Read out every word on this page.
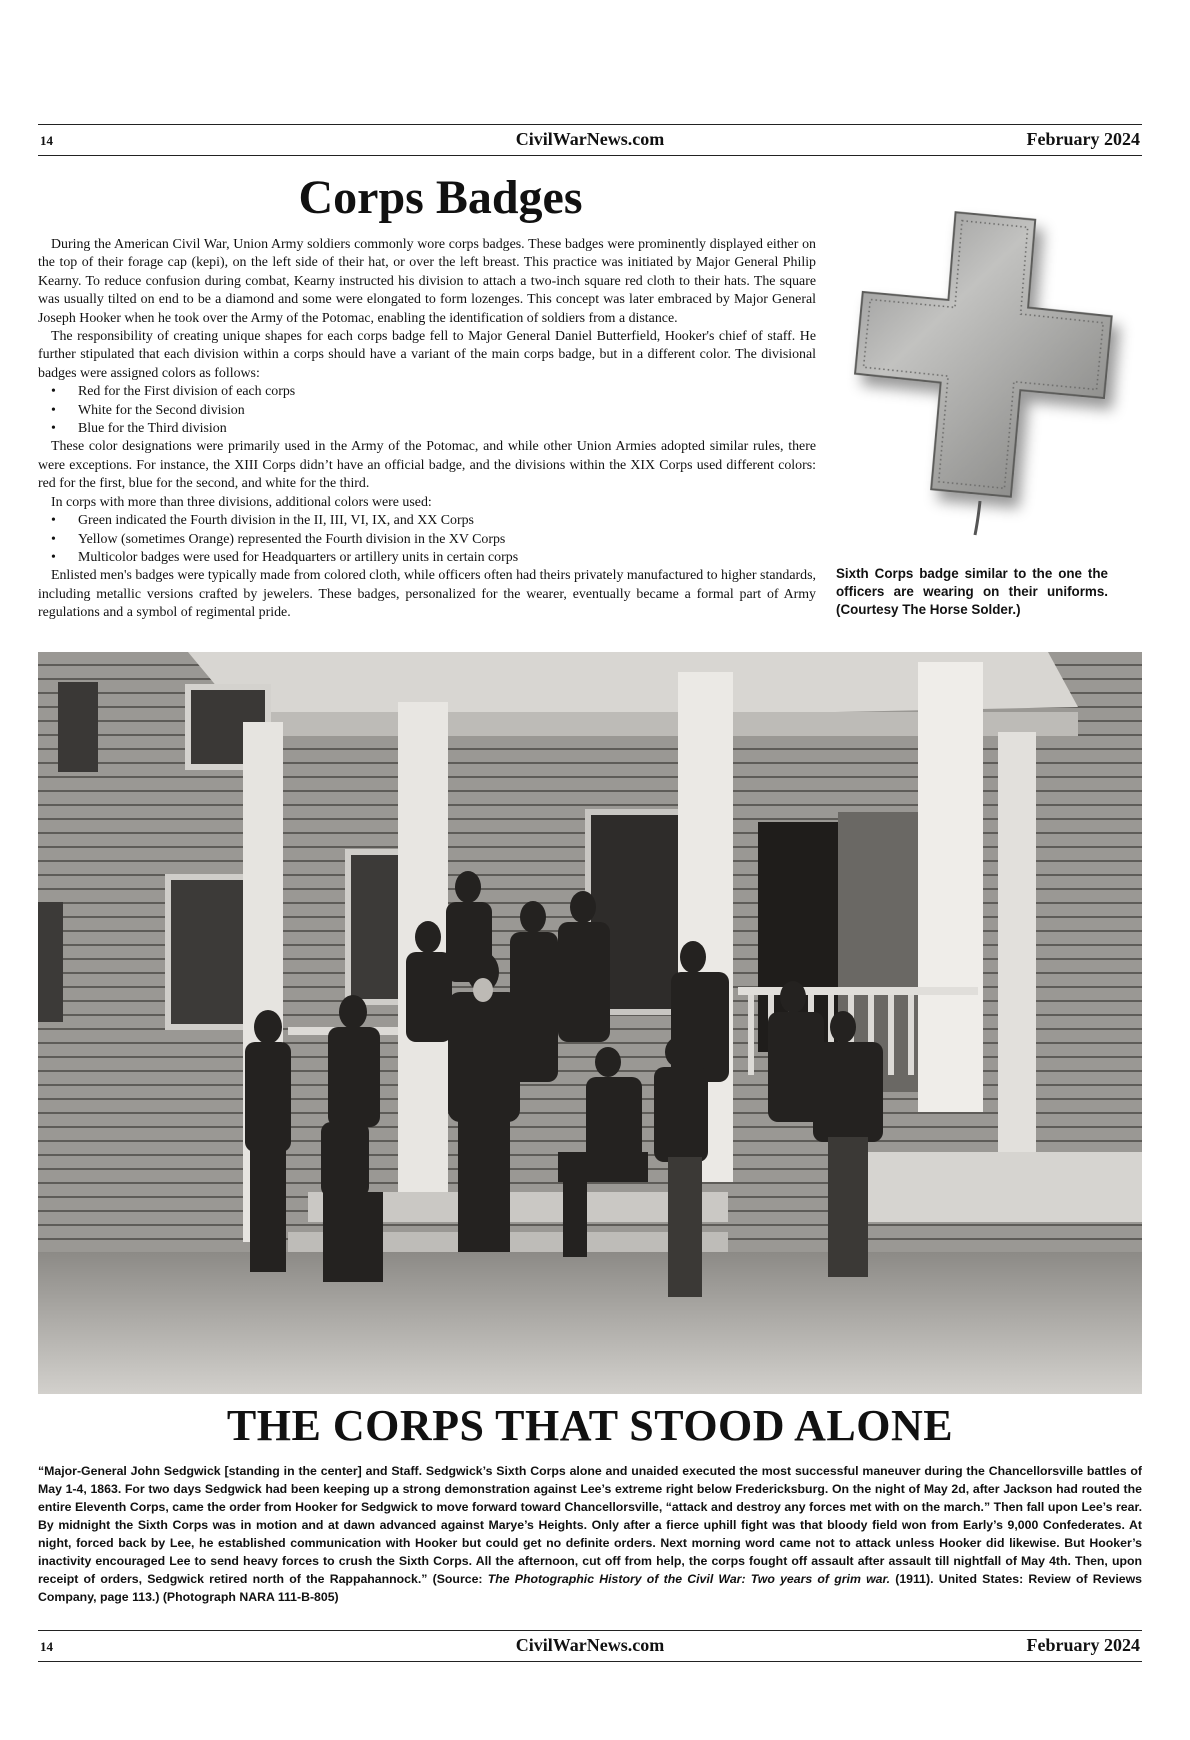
14	CivilWarNews.com	February 2024
Corps Badges

During the American Civil War, Union Army soldiers commonly wore corps badges. These badges were prominently displayed either on the top of their forage cap (kepi), on the left side of their hat, or over the left breast. This practice was initiated by Major General Philip Kearny. To reduce confusion during combat, Kearny instructed his division to attach a two-inch square red cloth to their hats. The square was usually tilted on end to be a diamond and some were elongated to form lozenges. This concept was later embraced by Major General Joseph Hooker when he took over the Army of the Potomac, enabling the identification of soldiers from a distance.

The responsibility of creating unique shapes for each corps badge fell to Major General Daniel Butterfield, Hooker's chief of staff. He further stipulated that each division within a corps should have a variant of the main corps badge, but in a different color. The divisional badges were assigned colors as follows:

• Red for the First division of each corps
• White for the Second division
• Blue for the Third division

These color designations were primarily used in the Army of the Potomac, and while other Union Armies adopted similar rules, there were exceptions. For instance, the XIII Corps didn’t have an official badge, and the divisions within the XIX Corps used different colors: red for the first, blue for the second, and white for the third.

In corps with more than three divisions, additional colors were used:

• Green indicated the Fourth division in the II, III, VI, IX, and XX Corps
• Yellow (sometimes Orange) represented the Fourth division in the XV Corps
• Multicolor badges were used for Headquarters or artillery units in certain corps

Enlisted men's badges were typically made from colored cloth, while officers often had theirs privately manufactured to higher standards, including metallic versions crafted by jewelers. These badges, personalized for the wearer, eventually became a formal part of Army regulations and a symbol of regimental pride.

Sixth Corps badge similar to the one the officers are wearing on their uniforms. (Courtesy The Horse Solder.)
THE CORPS THAT STOOD ALONE
“Major-General John Sedgwick [standing in the center] and Staff. Sedgwick’s Sixth Corps alone and unaided executed the most successful maneuver during the Chancellorsville battles of May 1-4, 1863. For two days Sedgwick had been keeping up a strong demonstration against Lee’s extreme right below Fredericksburg. On the night of May 2d, after Jackson had routed the entire Eleventh Corps, came the order from Hooker for Sedgwick to move forward toward Chancellorsville, “attack and destroy any forces met with on the march.” Then fall upon Lee’s rear. By midnight the Sixth Corps was in motion and at dawn advanced against Marye’s Heights. Only after a fierce uphill fight was that bloody field won from Early’s 9,000 Confederates. At night, forced back by Lee, he established communication with Hooker but could get no definite orders. Next morning word came not to attack unless Hooker did likewise. But Hooker’s inactivity encouraged Lee to send heavy forces to crush the Sixth Corps. All the afternoon, cut off from help, the corps fought off assault after assault till nightfall of May 4th. Then, upon receipt of orders, Sedgwick retired north of the Rappahannock.” (Source: The Photographic History of the Civil War: Two years of grim war. (1911). United States: Review of Reviews Company, page 113.) (Photograph NARA 111-B-805)
14	CivilWarNews.com	February 2024
